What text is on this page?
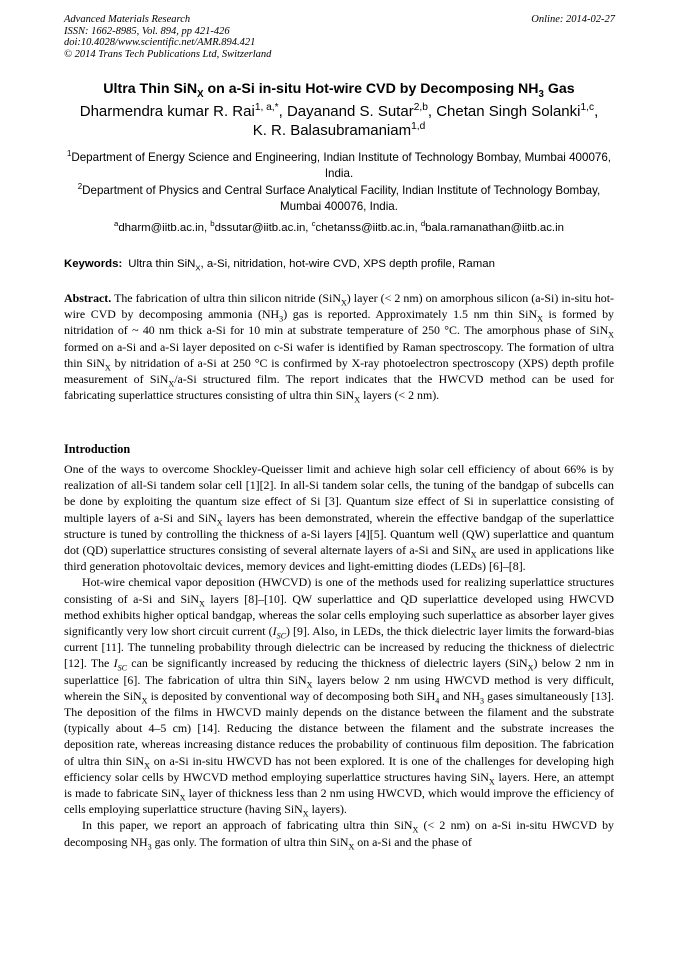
Advanced Materials Research
ISSN: 1662-8985, Vol. 894, pp 421-426
doi:10.4028/www.scientific.net/AMR.894.421
© 2014 Trans Tech Publications Ltd, Switzerland
Online: 2014-02-27
Ultra Thin SiN$_X$ on a-Si in-situ Hot-wire CVD by Decomposing $NH_3$ Gas
Dharmendra kumar R. Rai$^{1, a,*}$, Dayanand S. Sutar$^{2,b}$, Chetan Singh Solanki$^{1,c}$,
K. R. Balasubramaniam$^{1,d}$
$^1$Department of Energy Science and Engineering, Indian Institute of Technology Bombay, Mumbai 400076, India.
$^2$Department of Physics and Central Surface Analytical Facility, Indian Institute of Technology Bombay, Mumbai 400076, India.
$^a$dharm@iitb.ac.in, $^b$dssutar@iitb.ac.in, $^c$chetanss@iitb.ac.in, $^d$bala.ramanathan@iitb.ac.in
Keywords: Ultra thin SiN$_X$, a-Si, nitridation, hot-wire CVD, XPS depth profile, Raman

Abstract. The fabrication of ultra thin silicon nitride (SiN$_X$) layer (< 2 nm) on amorphous silicon (a-Si) in-situ hot-wire CVD by decomposing ammonia $(NH_3)$ gas is reported. Approximately 1.5 nm thin SiN$_X$ is formed by nitridation of ~ 40 nm thick a-Si for 10 min at substrate temperature of 250 °C. The amorphous phase of SiN$_X$ formed on a-Si and a-Si layer deposited on c-Si wafer is identified by Raman spectroscopy. The formation of ultra thin SiN$_X$ by nitridation of a-Si at 250 °C is confirmed by X-ray photoelectron spectroscopy (XPS) depth profile measurement of SiN$_X$/a-Si structured film. The report indicates that the HWCVD method can be used for fabricating superlattice structures consisting of ultra thin SiN$_X$ layers (< 2 nm).

Introduction

One of the ways to overcome Shockley-Queisser limit and achieve high solar cell efficiency of about 66% is by realization of all-Si tandem solar cell [1][2]. In all-Si tandem solar cells, the tuning of the bandgap of subcells can be done by exploiting the quantum size effect of Si [3]. Quantum size effect of Si in superlattice consisting of multiple layers of a-Si and SiN$_X$ layers has been demonstrated, wherein the effective bandgap of the superlattice structure is tuned by controlling the thickness of a-Si layers [4][5]. Quantum well (QW) superlattice and quantum dot (QD) superlattice structures consisting of several alternate layers of a-Si and SiN$_X$ are used in applications like third generation photovoltaic devices, memory devices and light-emitting diodes (LEDs) [6]–[8].

Hot-wire chemical vapor deposition (HWCVD) is one of the methods used for realizing superlattice structures consisting of a-Si and SiN$_X$ layers [8]–[10]. QW superlattice and QD superlattice developed using HWCVD method exhibits higher optical bandgap, whereas the solar cells employing such superlattice as absorber layer gives significantly very low short circuit current $(I_{SC})$ [9]. Also, in LEDs, the thick dielectric layer limits the forward-bias current [11]. The tunneling probability through dielectric can be increased by reducing the thickness of dielectric [12]. The $I_{SC}$ can be significantly increased by reducing the thickness of dielectric layers (SiN$_X$) below 2 nm in superlattice [6]. The fabrication of ultra thin SiN$_X$ layers below 2 nm using HWCVD method is very difficult, wherein the SiN$_X$ is deposited by conventional way of decomposing both SiH$_4$ and $NH_3$ gases simultaneously [13]. The deposition of the films in HWCVD mainly depends on the distance between the filament and the substrate (typically about 4–5 cm) [14]. Reducing the distance between the filament and the substrate increases the deposition rate, whereas increasing distance reduces the probability of continuous film deposition. The fabrication of ultra thin SiN$_X$ on a-Si in-situ HWCVD has not been explored. It is one of the challenges for developing high efficiency solar cells by HWCVD method employing superlattice structures having SiN$_X$ layers. Here, an attempt is made to fabricate SiN$_X$ layer of thickness less than 2 nm using HWCVD, which would improve the efficiency of cells employing superlattice structure (having SiN$_X$ layers).

In this paper, we report an approach of fabricating ultra thin SiN$_X$ (< 2 nm) on a-Si in-situ HWCVD by decomposing $NH_3$ gas only. The formation of ultra thin SiN$_X$ on a-Si and the phase of
